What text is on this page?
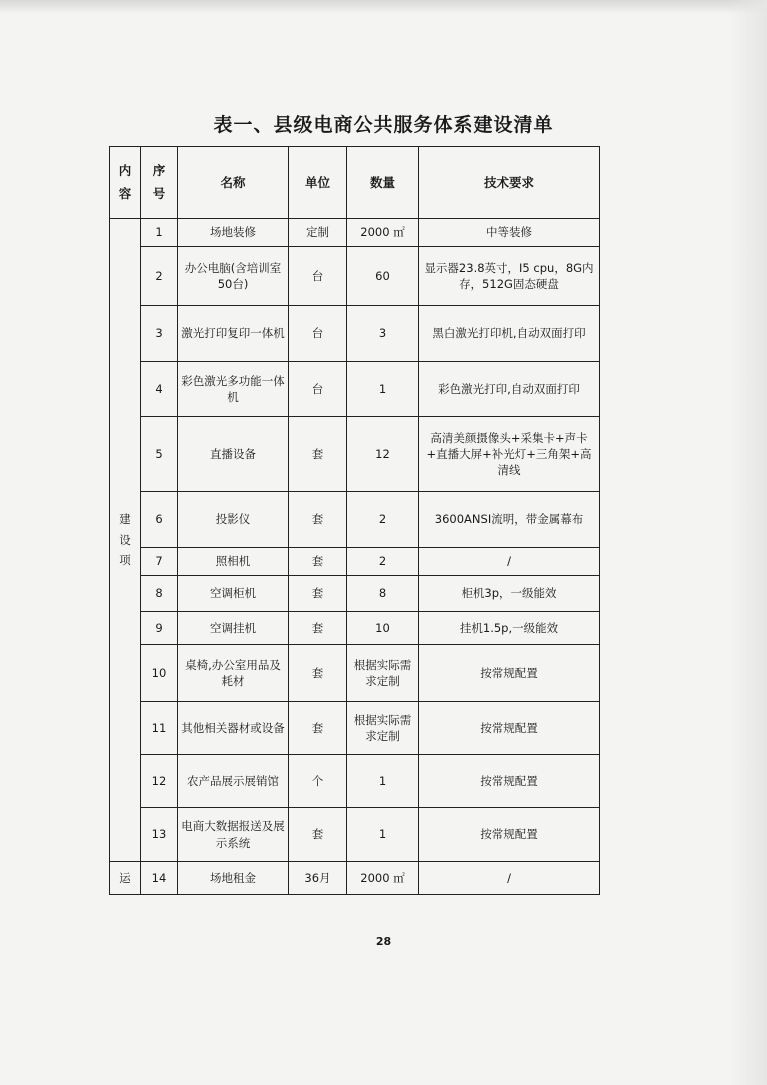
表一、县级电商公共服务体系建设清单
内容	序号	名称	单位	数量	技术要求
建设项	1	场地装修	定制	2000 ㎡	中等装修
	2	办公电脑(含培训室50台)	台	60	显示器23.8英寸，I5 cpu，8G内存，512G固态硬盘
	3	激光打印复印一体机	台	3	黑白激光打印机,自动双面打印
	4	彩色激光多功能一体机	台	1	彩色激光打印,自动双面打印
	5	直播设备	套	12	高清美颜摄像头+采集卡+声卡+直播大屏+补光灯+三角架+高清线
	6	投影仪	套	2	3600ANSI流明，带金属幕布
	7	照相机	套	2	/
	8	空调柜机	套	8	柜机3p，一级能效
	9	空调挂机	套	10	挂机1.5p,一级能效
	10	桌椅,办公室用品及耗材	套	根据实际需求定制	按常规配置
	11	其他相关器材或设备	套	根据实际需求定制	按常规配置
	12	农产品展示展销馆	个	1	按常规配置
	13	电商大数据报送及展示系统	套	1	按常规配置
运	14	场地租金	36月	2000 ㎡	/
28
